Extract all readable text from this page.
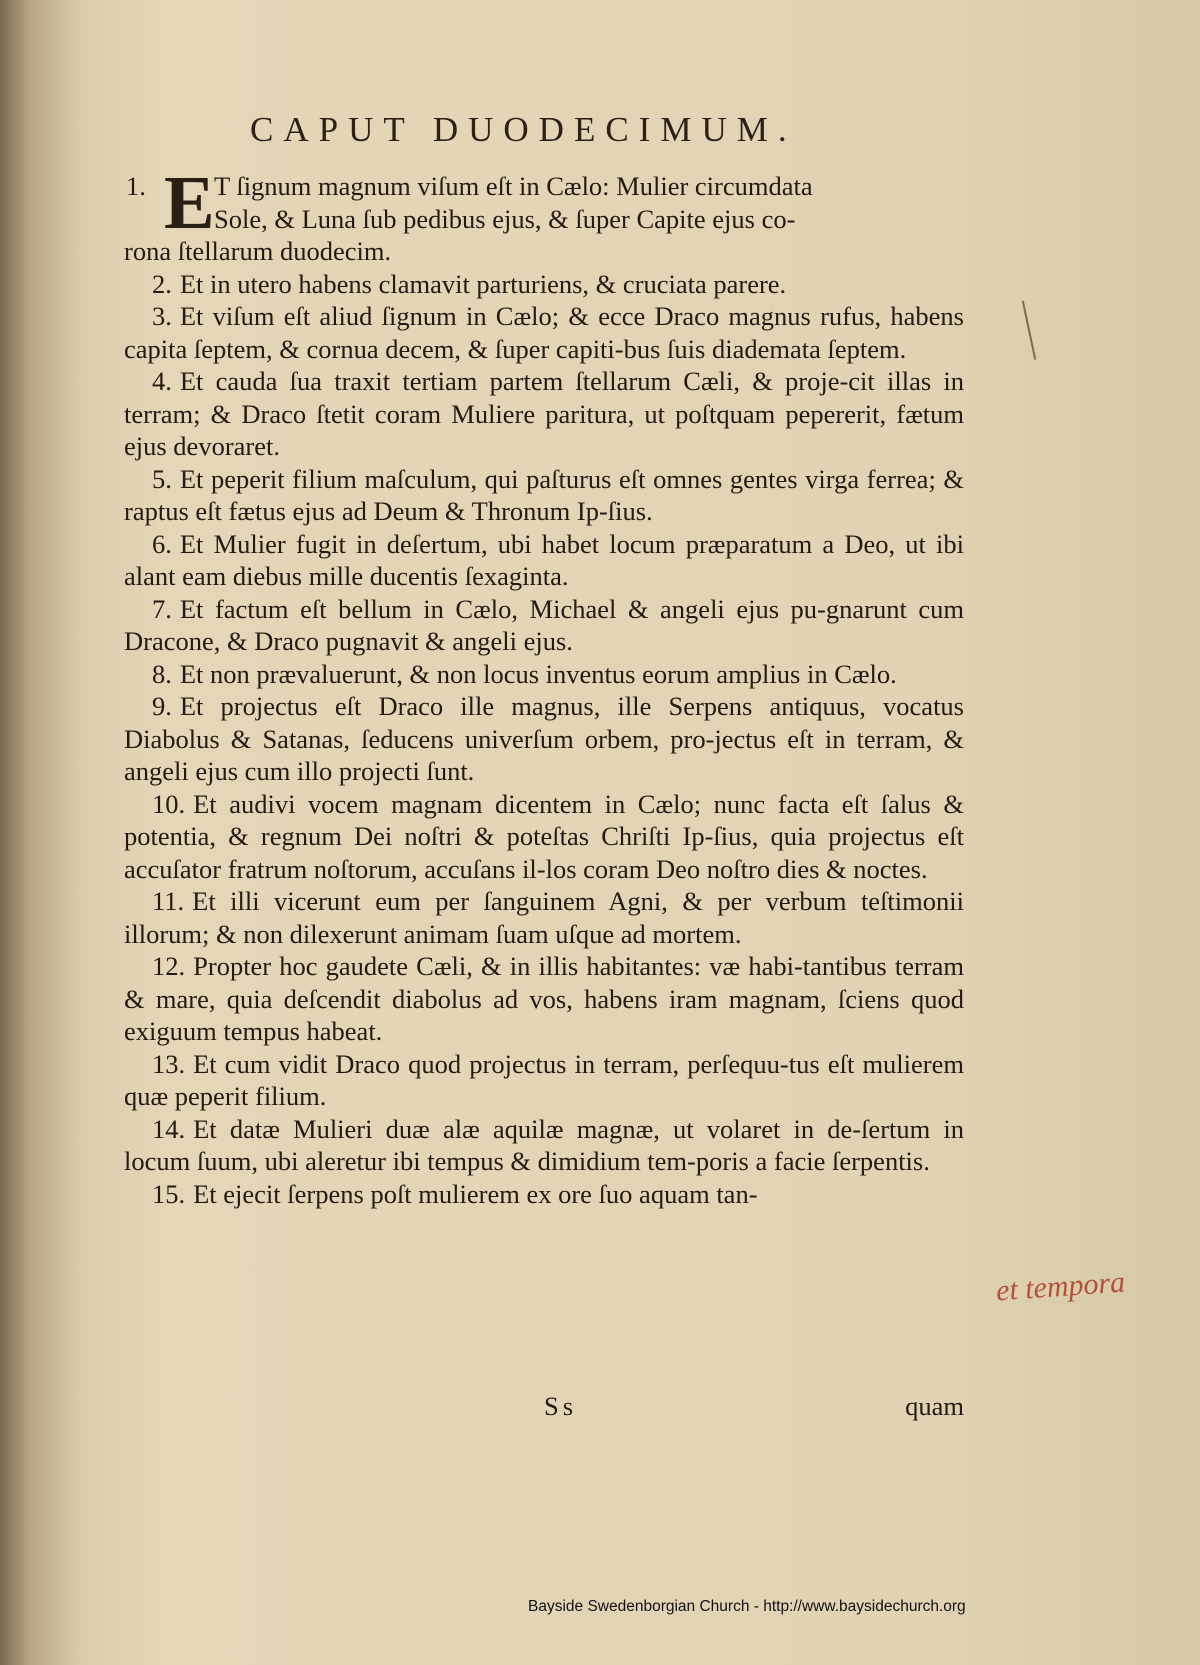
CAPUT DUODECIMUM.
1. E T ſignum magnum viſum eſt in Cælo: Mulier circumdata
Sole, & Luna ſub pedibus ejus, & ſuper Capite ejus co-

rona ſtellarum duodecim.

2. Et in utero habens clamavit parturiens, & cruciata parere.

3. Et viſum eſt aliud ſignum in Cælo; & ecce Draco magnus rufus, habens capita ſeptem, & cornua decem, & ſuper capiti-bus ſuis diademata ſeptem.

4. Et cauda ſua traxit tertiam partem ſtellarum Cæli, & proje-cit illas in terram; & Draco ſtetit coram Muliere paritura, ut poſtquam pepererit, fætum ejus devoraret.

5. Et peperit filium maſculum, qui paſturus eſt omnes gentes virga ferrea; & raptus eſt fætus ejus ad Deum & Thronum Ip-ſius.

6. Et Mulier fugit in deſertum, ubi habet locum præparatum a Deo, ut ibi alant eam diebus mille ducentis ſexaginta.

7. Et factum eſt bellum in Cælo, Michael & angeli ejus pu-gnarunt cum Dracone, & Draco pugnavit & angeli ejus.

8. Et non prævaluerunt, & non locus inventus eorum amplius in Cælo.

9. Et projectus eſt Draco ille magnus, ille Serpens antiquus, vocatus Diabolus & Satanas, ſeducens univerſum orbem, pro-jectus eſt in terram, & angeli ejus cum illo projecti ſunt.

10. Et audivi vocem magnam dicentem in Cælo; nunc facta eſt ſalus & potentia, & regnum Dei noſtri & poteſtas Chriſti Ip-ſius, quia projectus eſt accuſator fratrum noſtorum, accuſans il-los coram Deo noſtro dies & noctes.

11. Et illi vicerunt eum per ſanguinem Agni, & per verbum teſtimonii illorum; & non dilexerunt animam ſuam uſque ad mortem.

12. Propter hoc gaudete Cæli, & in illis habitantes: væ habi-tantibus terram & mare, quia deſcendit diabolus ad vos, habens iram magnam, ſciens quod exiguum tempus habeat.

13. Et cum vidit Draco quod projectus in terram, perſequu-tus eſt mulierem quæ peperit filium.

14. Et datæ Mulieri duæ alæ aquilæ magnæ, ut volaret in de-ſertum in locum ſuum, ubi aleretur ibi tempus & dimidium tem-poris a facie ſerpentis.

15. Et ejecit ſerpens poſt mulierem ex ore ſuo aquam tan-

Ss	quam
et tempora
Bayside Swedenborgian Church - http://www.baysidechurch.org
